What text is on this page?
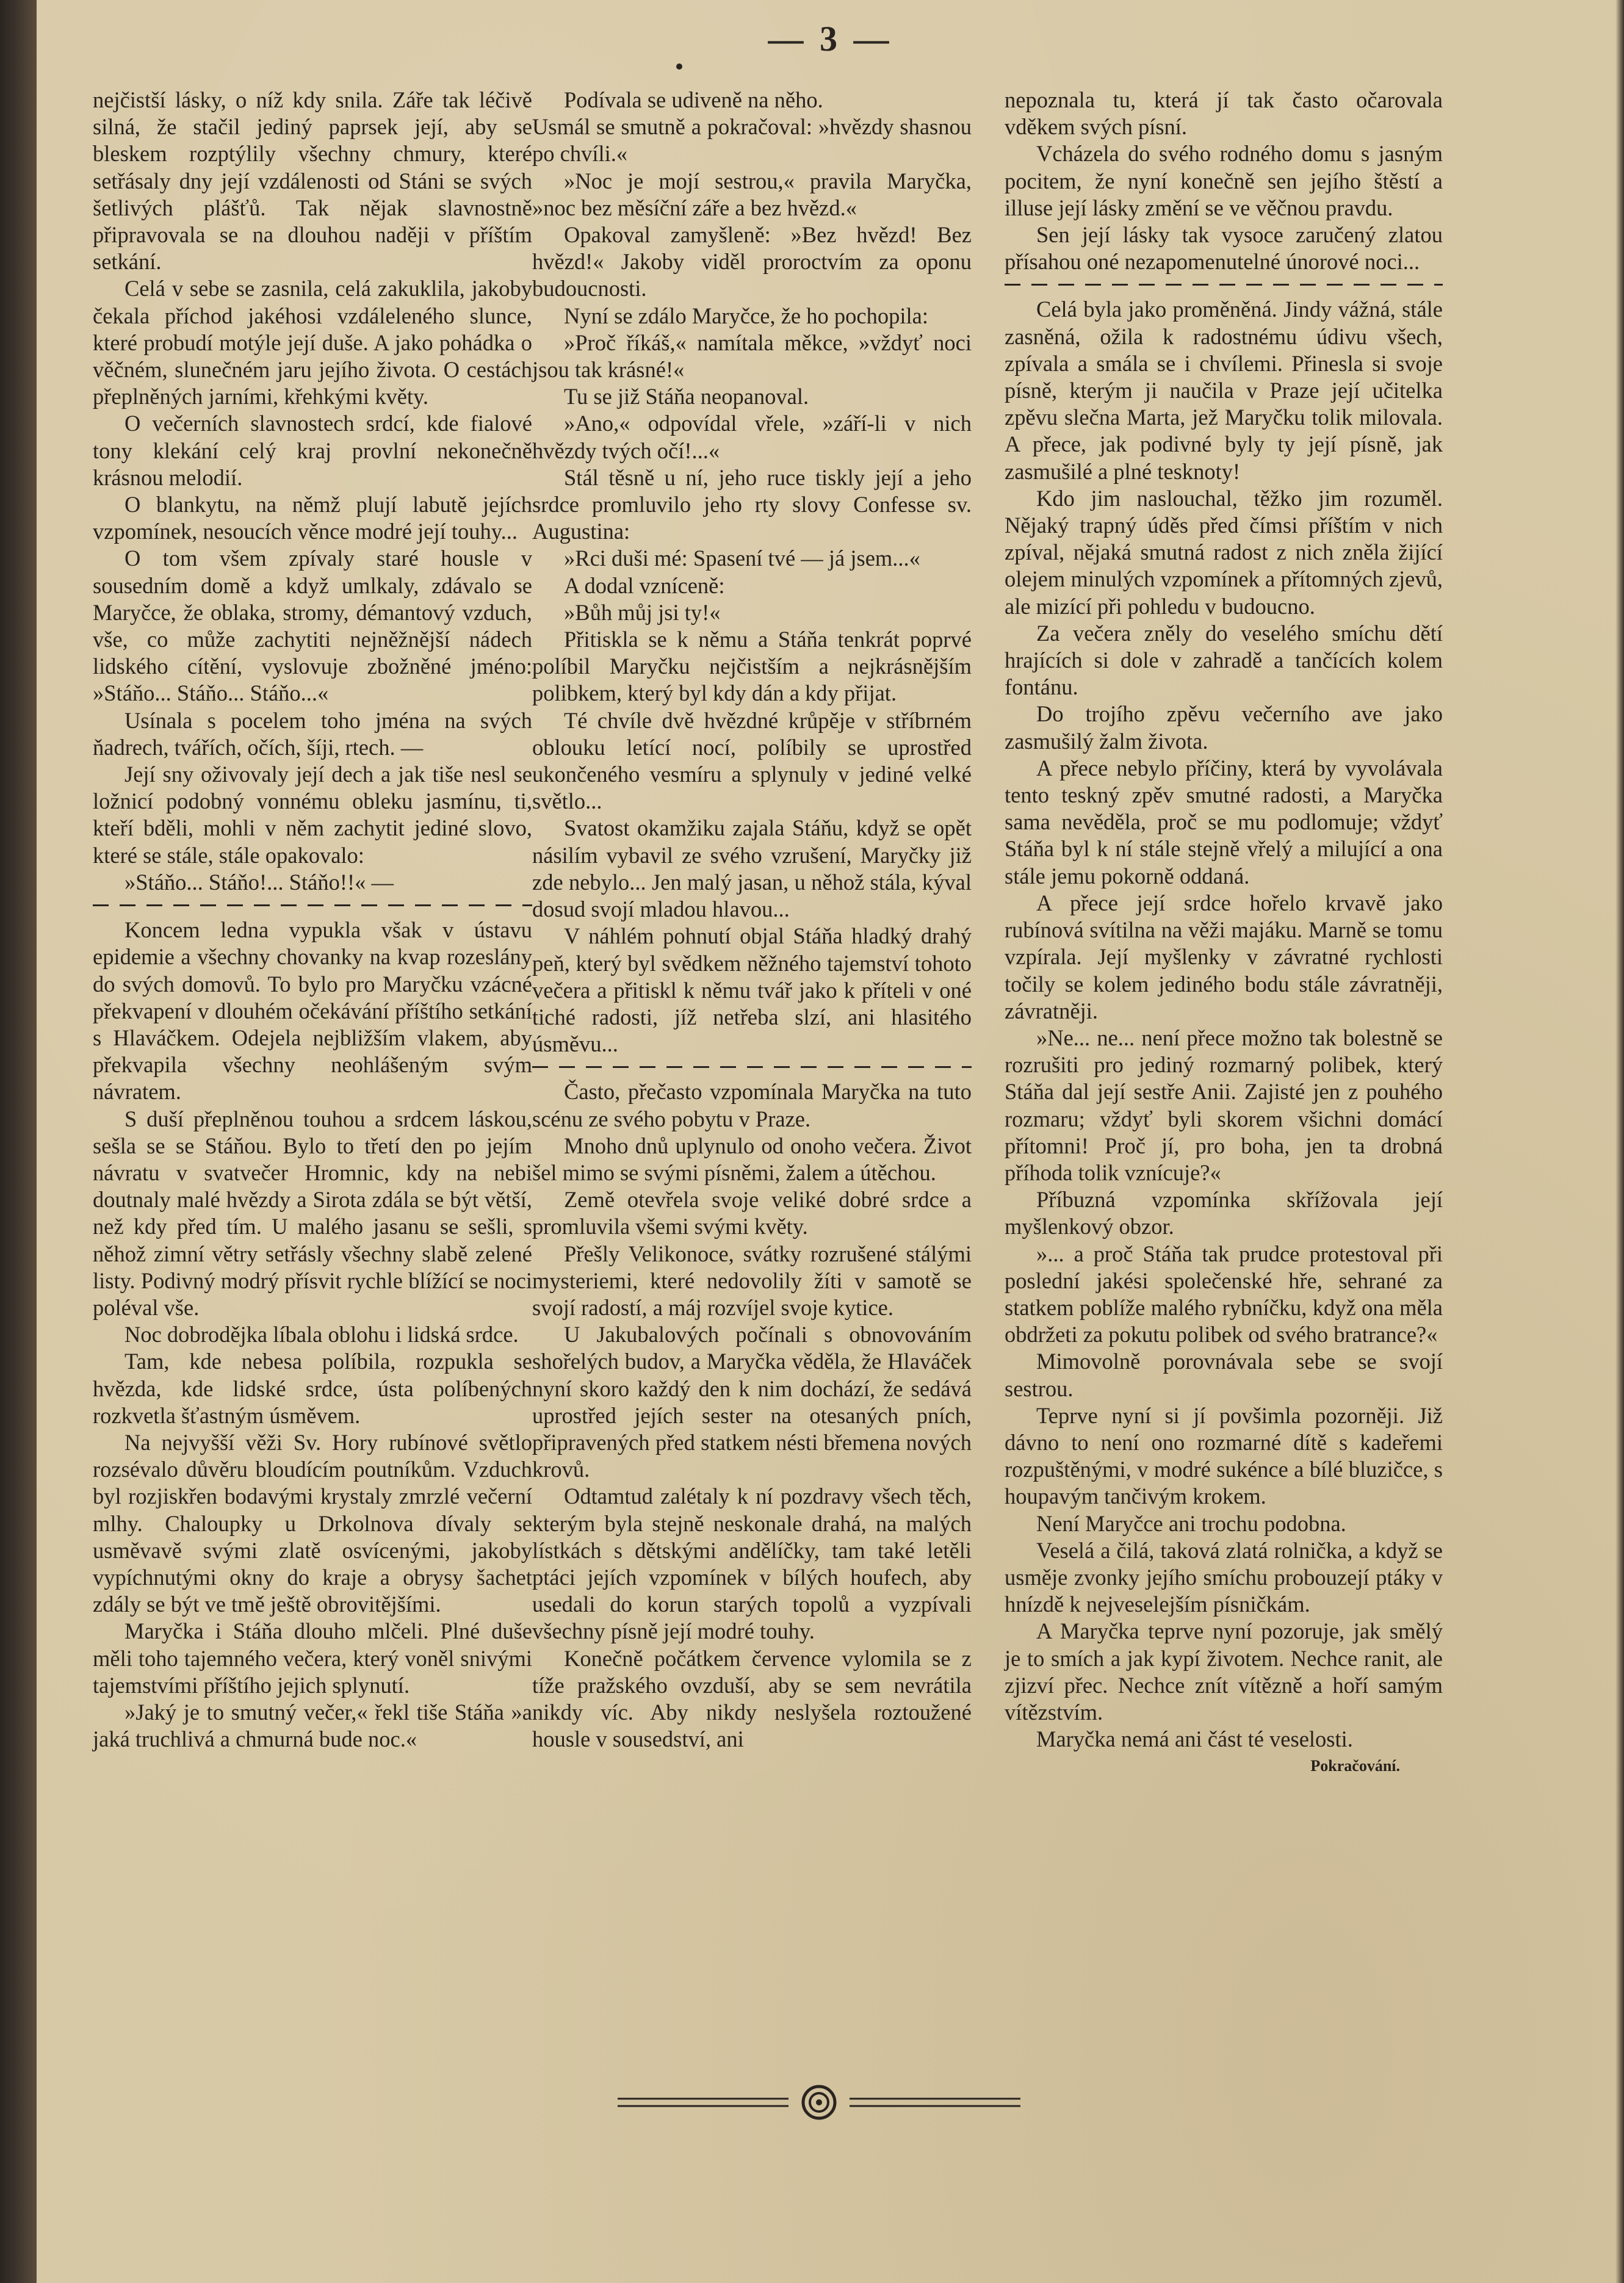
— 3 —

nejčistší lásky, o níž kdy snila. Záře tak léčivě silná, že stačil jediný paprsek její, aby se bleskem rozptýlily všechny chmury, které setřásaly dny její vzdálenosti od Stáni se svých šetlivých plášťů. Tak nějak slavnostně připravovala se na dlouhou naději v příštím setkání.

Celá v sebe se zasnila, celá zakuklila, jakoby čekala příchod jakéhosi vzdáleleného slunce, které probudí motýle její duše. A jako pohádka o věčném, slunečném jaru jejího života. O cestách přeplněných jarními, křehkými květy.

O večerních slavnostech srdcí, kde fialové tony klekání celý kraj provlní nekonečně krásnou melodií.

O blankytu, na němž plují labutě jejích vzpomínek, nesoucích věnce modré její touhy...

O tom všem zpívaly staré housle v sousedním domě a když umlkaly, zdávalo se Maryčce, že oblaka, stromy, démantový vzduch, vše, co může zachytiti nejněžnější nádech lidského cítění, vyslovuje zbožněné jméno: »Stáňo... Stáňo... Stáňo...«

Usínala s pocelem toho jména na svých ňadrech, tvářích, očích, šíji, rtech. —

Její sny oživovaly její dech a jak tiše nesl se ložnicí podobný vonnému obleku jasmínu, ti, kteří bděli, mohli v něm zachytit jediné slovo, které se stále, stále opakovalo:

»Stáňo... Stáňo!... Stáňo!!« —

Koncem ledna vypukla však v ústavu epidemie a všechny chovanky na kvap rozeslány do svých domovů. To bylo pro Maryčku vzácné překvapení v dlouhém očekávání příštího setkání s Hlaváčkem. Odejela nejbližším vlakem, aby překvapila všechny neohlášeným svým návratem.

S duší přeplněnou touhou a srdcem láskou, sešla se se Stáňou. Bylo to třetí den po jejím návratu v svatvečer Hromnic, kdy na nebi doutnaly malé hvězdy a Sirota zdála se být větší, než kdy před tím. U malého jasanu se sešli, s něhož zimní větry setřásly všechny slabě zelené listy. Podivný modrý přísvit rychle blížící se noci poléval vše.

Noc dobrodějka líbala oblohu i lidská srdce.

Tam, kde nebesa políbila, rozpukla se hvězda, kde lidské srdce, ústa políbených rozkvetla šťastným úsměvem.

Na nejvyšší věži Sv. Hory rubínové světlo rozsévalo důvěru bloudícím poutníkům. Vzduch byl rozjiskřen bodavými krystaly zmrzlé večerní mlhy. Chaloupky u Drkolnova dívaly se usměvavě svými zlatě osvícenými, jakoby vypíchnutými okny do kraje a obrysy šachet zdály se být ve tmě ještě obrovitějšími.

Maryčka i Stáňa dlouho mlčeli. Plné duše měli toho tajemného večera, který voněl snivými tajemstvími příštího jejich splynutí.

»Jaký je to smutný večer,« řekl tiše Stáňa »a jaká truchlivá a chmurná bude noc.«

Podívala se udiveně na něho.

Usmál se smutně a pokračoval: »hvězdy shasnou po chvíli.«

»Noc je mojí sestrou,« pravila Maryčka, »noc bez měsíční záře a bez hvězd.«

Opakoval zamyšleně: »Bez hvězd! Bez hvězd!« Jakoby viděl proroctvím za oponu budoucnosti.

Nyní se zdálo Maryčce, že ho pochopila:

»Proč říkáš,« namítala měkce, »vždyť noci jsou tak krásné!«

Tu se již Stáňa neopanoval.

»Ano,« odpovídal vřele, »září-li v nich hvězdy tvých očí!...«

Stál těsně u ní, jeho ruce tiskly její a jeho srdce promluvilo jeho rty slovy Confesse sv. Augustina:

»Rci duši mé: Spasení tvé — já jsem...«

A dodal vzníceně:

»Bůh můj jsi ty!«

Přitiskla se k němu a Stáňa tenkrát poprvé políbil Maryčku nejčistším a nejkrásnějším polibkem, který byl kdy dán a kdy přijat.

Té chvíle dvě hvězdné krůpěje v stříbrném oblouku letící nocí, políbily se uprostřed ukončeného vesmíru a splynuly v jediné velké světlo...

Svatost okamžiku zajala Stáňu, když se opět násilím vybavil ze svého vzrušení, Maryčky již zde nebylo... Jen malý jasan, u něhož stála, kýval dosud svojí mladou hlavou...

V náhlém pohnutí objal Stáňa hladký drahý peň, který byl svědkem něžného tajemství tohoto večera a přitiskl k němu tvář jako k příteli v oné tiché radosti, jíž netřeba slzí, ani hlasitého úsměvu...

Často, přečasto vzpomínala Maryčka na tuto scénu ze svého pobytu v Praze.

Mnoho dnů uplynulo od onoho večera. Život šel mimo se svými písněmi, žalem a útěchou.

Země otevřela svoje veliké dobré srdce a promluvila všemi svými květy.

Přešly Velikonoce, svátky rozrušené stálými mysteriemi, které nedovolily žíti v samotě se svojí radostí, a máj rozvíjel svoje kytice.

U Jakubalových počínali s obnovováním shořelých budov, a Maryčka věděla, že Hlaváček nyní skoro každý den k nim dochází, že sedává uprostřed jejích sester na otesaných pních, připravených před statkem nésti břemena nových krovů.

Odtamtud zalétaly k ní pozdravy všech těch, kterým byla stejně neskonale drahá, na malých lístkách s dětskými andělíčky, tam také letěli ptáci jejích vzpomínek v bílých houfech, aby usedali do korun starých topolů a vyzpívali všechny písně její modré touhy.

Konečně počátkem července vylomila se z tíže pražského ovzduší, aby se sem nevrátila nikdy víc. Aby nikdy neslyšela roztoužené housle v sousedství, ani

nepoznala tu, která jí tak často očarovala vděkem svých písní.

Vcházela do svého rodného domu s jasným pocitem, že nyní konečně sen jejího štěstí a illuse její lásky změní se ve věčnou pravdu.

Sen její lásky tak vysoce zaručený zlatou přísahou oné nezapomenutelné únorové noci...

Celá byla jako proměněná. Jindy vážná, stále zasněná, ožila k radostnému údivu všech, zpívala a smála se i chvílemi. Přinesla si svoje písně, kterým ji naučila v Praze její učitelka zpěvu slečna Marta, jež Maryčku tolik milovala. A přece, jak podivné byly ty její písně, jak zasmušilé a plné tesknoty!

Kdo jim naslouchal, těžko jim rozuměl. Nějaký trapný úděs před čímsi příštím v nich zpíval, nějaká smutná radost z nich zněla žijící olejem minulých vzpomínek a přítomných zjevů, ale mizící při pohledu v budoucno.

Za večera zněly do veselého smíchu dětí hrajících si dole v zahradě a tančících kolem fontánu.

Do trojího zpěvu večerního ave jako zasmušilý žalm života.

A přece nebylo příčiny, která by vyvolávala tento teskný zpěv smutné radosti, a Maryčka sama nevěděla, proč se mu podlomuje; vždyť Stáňa byl k ní stále stejně vřelý a milující a ona stále jemu pokorně oddaná.

A přece její srdce hořelo krvavě jako rubínová svítilna na věži majáku. Marně se tomu vzpírala. Její myšlenky v závratné rychlosti točily se kolem jediného bodu stále závratněji, závratněji.

»Ne... ne... není přece možno tak bolestně se rozrušiti pro jediný rozmarný polibek, který Stáňa dal její sestře Anii. Zajisté jen z pouhého rozmaru; vždyť byli skorem všichni domácí přítomni! Proč jí, pro boha, jen ta drobná příhoda tolik vznícuje?«

Příbuzná vzpomínka skřížovala její myšlenkový obzor.

»... a proč Stáňa tak prudce protestoval při poslední jakési společenské hře, sehrané za statkem poblíže malého rybníčku, když ona měla obdržeti za pokutu polibek od svého bratrance?«

Mimovolně porovnávala sebe se svojí sestrou.

Teprve nyní si jí povšimla pozorněji. Již dávno to není ono rozmarné dítě s kadeřemi rozpuštěnými, v modré sukénce a bílé bluzičce, s houpavým tančivým krokem.

Není Maryčce ani trochu podobna.

Veselá a čilá, taková zlatá rolnička, a když se usměje zvonky jejího smíchu probouzejí ptáky v hnízdě k nejveselejším písničkám.

A Maryčka teprve nyní pozoruje, jak smělý je to smích a jak kypí životem. Nechce ranit, ale zjizví přec. Nechce znít vítězně a hoří samým vítězstvím.

Maryčka nemá ani část té veselosti.

Pokračování.
